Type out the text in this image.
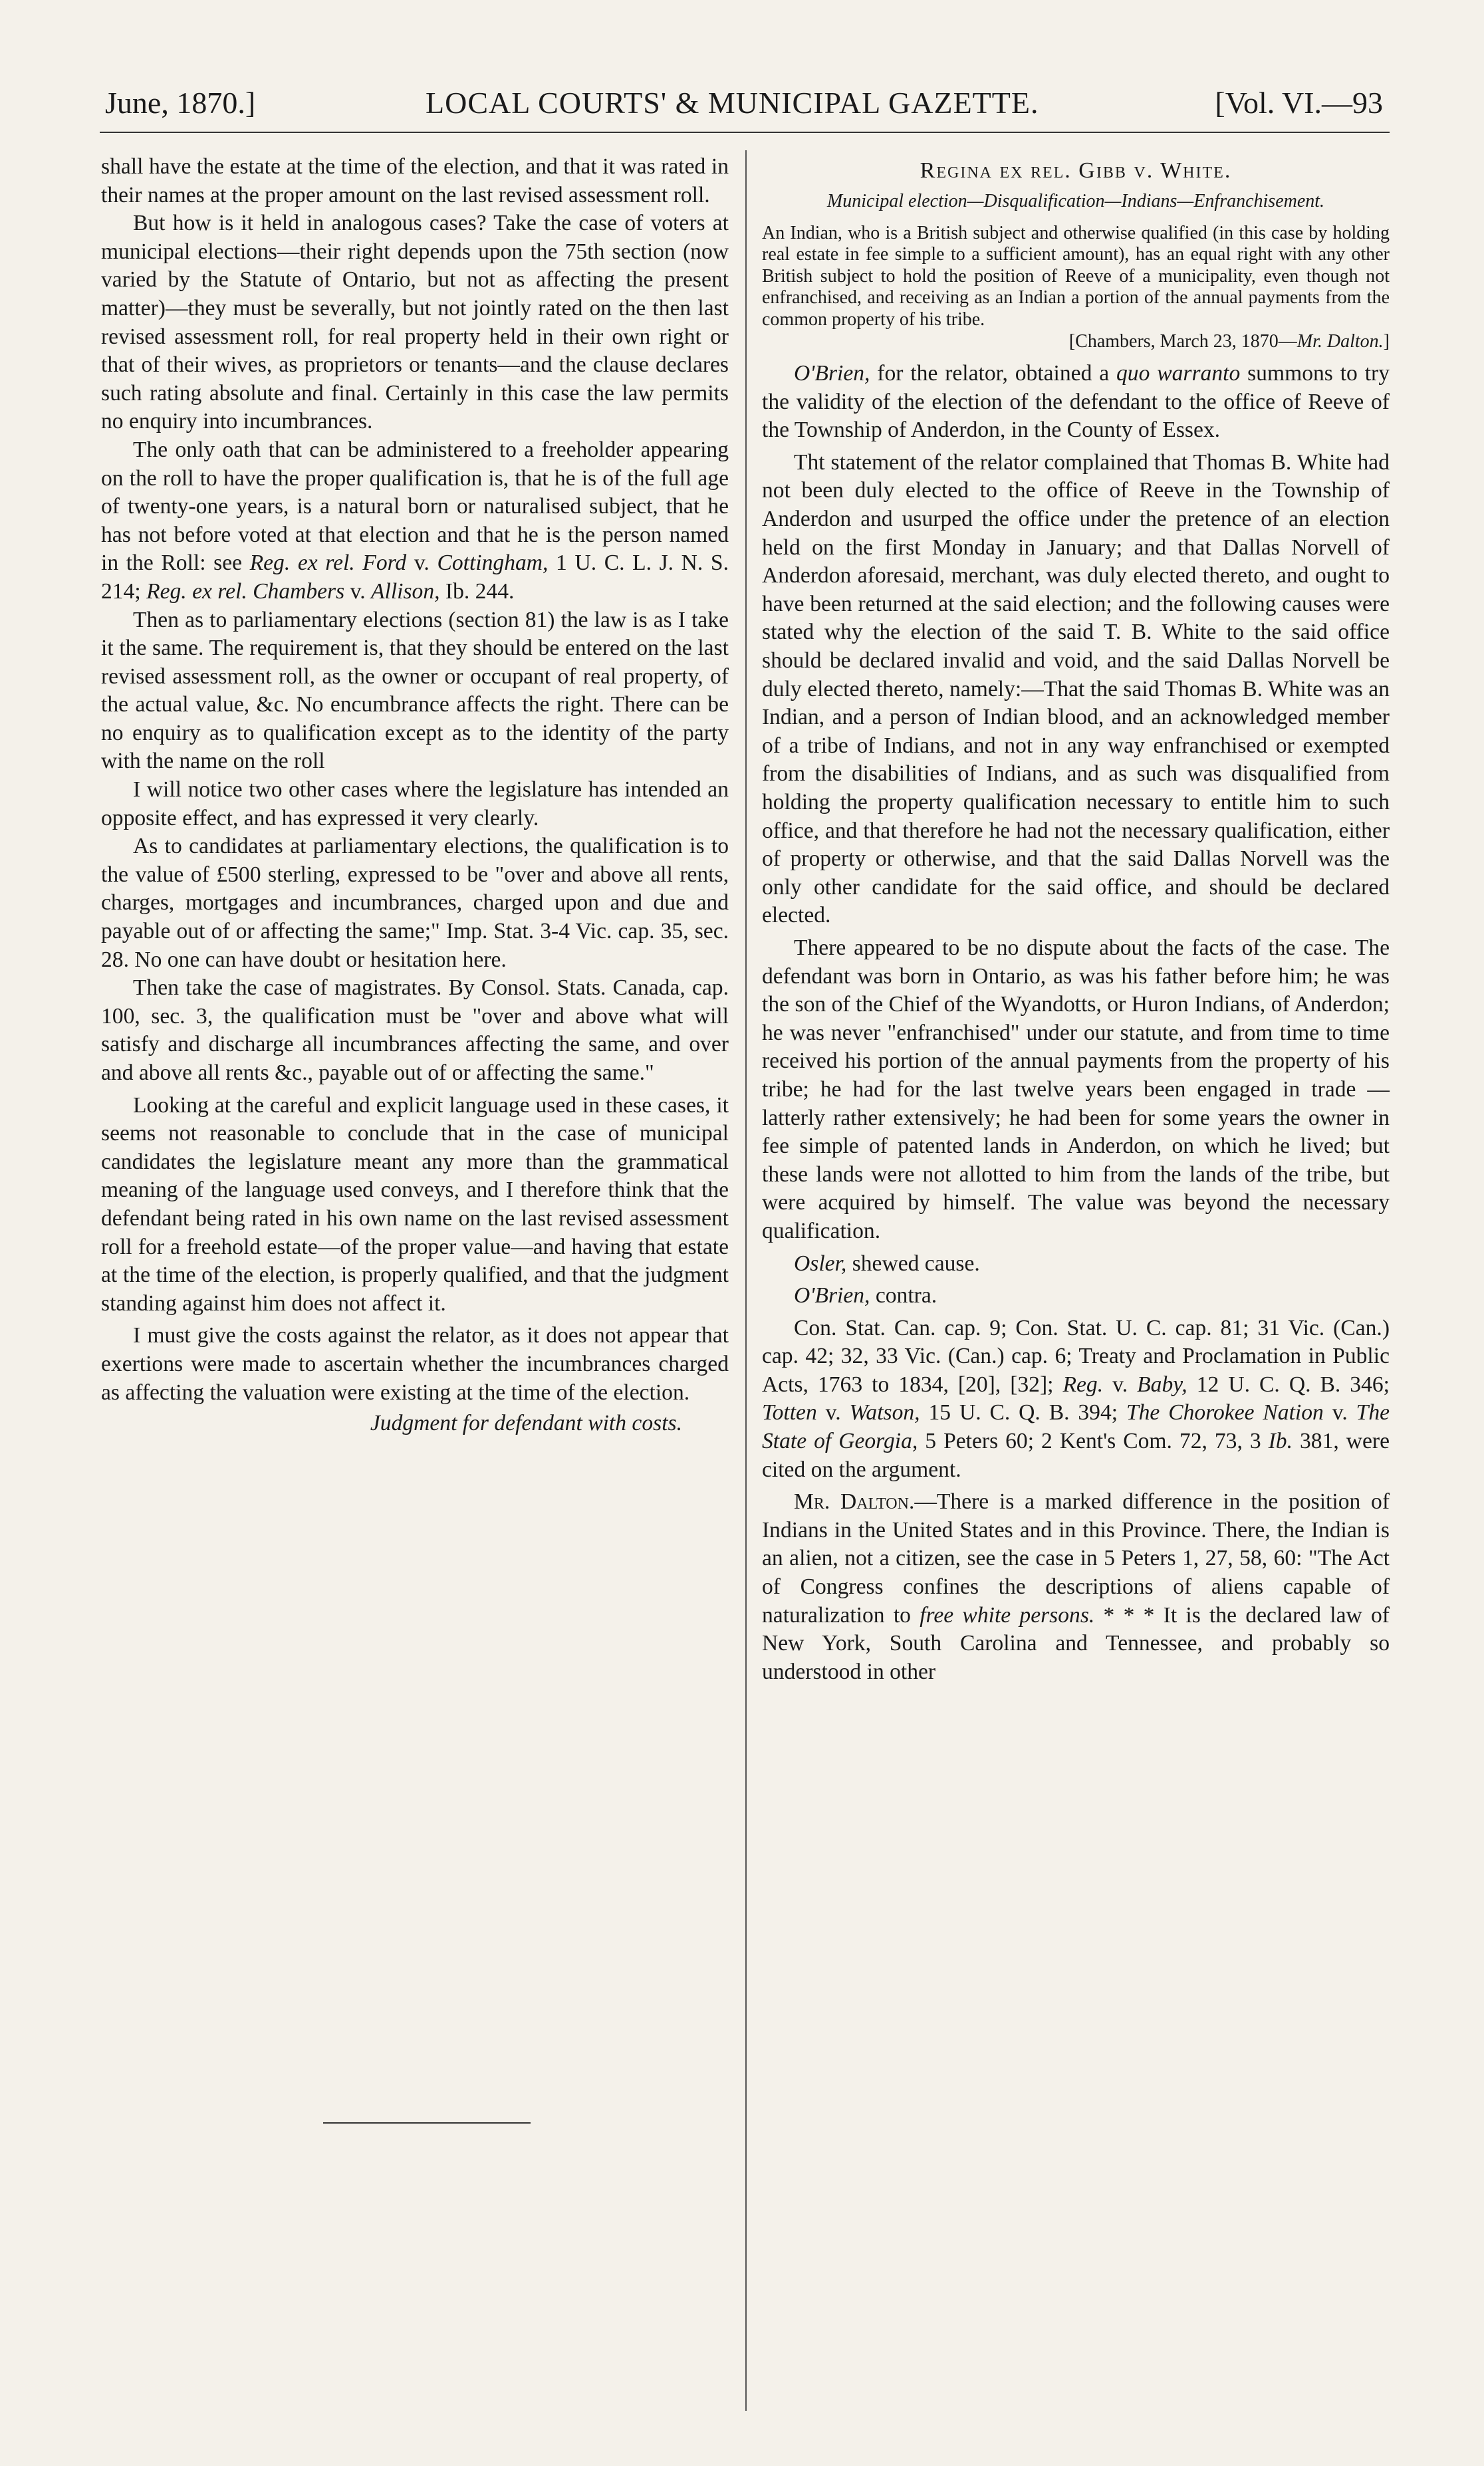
June, 1870.]	LOCAL COURTS' & MUNICIPAL GAZETTE.	[Vol. VI.—93

shall have the estate at the time of the election, and that it was rated in their names at the proper amount on the last revised assessment roll.

But how is it held in analogous cases? Take the case of voters at municipal elections—their right depends upon the 75th section (now varied by the Statute of Ontario, but not as affecting the present matter)—they must be severally, but not jointly rated on the then last revised assessment roll, for real property held in their own right or that of their wives, as proprietors or tenants—and the clause declares such rating absolute and final. Certainly in this case the law permits no enquiry into incumbrances.

The only oath that can be administered to a freeholder appearing on the roll to have the proper qualification is, that he is of the full age of twenty-one years, is a natural born or naturalised subject, that he has not before voted at that election and that he is the person named in the Roll: see Reg. ex rel. Ford v. Cottingham, 1 U. C. L. J. N. S. 214; Reg. ex rel. Chambers v. Allison, Ib. 244.

Then as to parliamentary elections (section 81) the law is as I take it the same. The requirement is, that they should be entered on the last revised assessment roll, as the owner or occupant of real property, of the actual value, &c. No encumbrance affects the right. There can be no enquiry as to qualification except as to the identity of the party with the name on the roll

I will notice two other cases where the legislature has intended an opposite effect, and has expressed it very clearly.

As to candidates at parliamentary elections, the qualification is to the value of £500 sterling, expressed to be "over and above all rents, charges, mortgages and incumbrances, charged upon and due and payable out of or affecting the same;" Imp. Stat. 3-4 Vic. cap. 35, sec. 28. No one can have doubt or hesitation here.

Then take the case of magistrates. By Consol. Stats. Canada, cap. 100, sec. 3, the qualification must be "over and above what will satisfy and discharge all incumbrances affecting the same, and over and above all rents &c., payable out of or affecting the same."

Looking at the careful and explicit language used in these cases, it seems not reasonable to conclude that in the case of municipal candidates the legislature meant any more than the grammatical meaning of the language used conveys, and I therefore think that the defendant being rated in his own name on the last revised assessment roll for a freehold estate—of the proper value—and having that estate at the time of the election, is properly qualified, and that the judgment standing against him does not affect it.

I must give the costs against the relator, as it does not appear that exertions were made to ascertain whether the incumbrances charged as affecting the valuation were existing at the time of the election.

Judgment for defendant with costs.

Regina ex rel. Gibb v. White.

Municipal election—Disqualification—Indians—Enfranchisement.

An Indian, who is a British subject and otherwise qualified (in this case by holding real estate in fee simple to a sufficient amount), has an equal right with any other British subject to hold the position of Reeve of a municipality, even though not enfranchised, and receiving as an Indian a portion of the annual payments from the common property of his tribe.

[Chambers, March 23, 1870—Mr. Dalton.]

O'Brien, for the relator, obtained a quo warranto summons to try the validity of the election of the defendant to the office of Reeve of the Township of Anderdon, in the County of Essex.

Tht statement of the relator complained that Thomas B. White had not been duly elected to the office of Reeve in the Township of Anderdon and usurped the office under the pretence of an election held on the first Monday in January; and that Dallas Norvell of Anderdon aforesaid, merchant, was duly elected thereto, and ought to have been returned at the said election; and the following causes were stated why the election of the said T. B. White to the said office should be declared invalid and void, and the said Dallas Norvell be duly elected thereto, namely:—That the said Thomas B. White was an Indian, and a person of Indian blood, and an acknowledged member of a tribe of Indians, and not in any way enfranchised or exempted from the disabilities of Indians, and as such was disqualified from holding the property qualification necessary to entitle him to such office, and that therefore he had not the necessary qualification, either of property or otherwise, and that the said Dallas Norvell was the only other candidate for the said office, and should be declared elected.

There appeared to be no dispute about the facts of the case. The defendant was born in Ontario, as was his father before him; he was the son of the Chief of the Wyandotts, or Huron Indians, of Anderdon; he was never "enfranchised" under our statute, and from time to time received his portion of the annual payments from the property of his tribe; he had for the last twelve years been engaged in trade — latterly rather extensively; he had been for some years the owner in fee simple of patented lands in Anderdon, on which he lived; but these lands were not allotted to him from the lands of the tribe, but were acquired by himself. The value was beyond the necessary qualification.

Osler, shewed cause.

O'Brien, contra.

Con. Stat. Can. cap. 9; Con. Stat. U. C. cap. 81; 31 Vic. (Can.) cap. 42; 32, 33 Vic. (Can.) cap. 6; Treaty and Proclamation in Public Acts, 1763 to 1834, [20], [32]; Reg. v. Baby, 12 U. C. Q. B. 346; Totten v. Watson, 15 U. C. Q. B. 394; The Chorokee Nation v. The State of Georgia, 5 Peters 60; 2 Kent's Com. 72, 73, 3 Ib. 381, were cited on the argument.

Mr. Dalton.—There is a marked difference in the position of Indians in the United States and in this Province. There, the Indian is an alien, not a citizen, see the case in 5 Peters 1, 27, 58, 60: "The Act of Congress confines the descriptions of aliens capable of naturalization to free white persons. * * * It is the declared law of New York, South Carolina and Tennessee, and probably so understood in other
